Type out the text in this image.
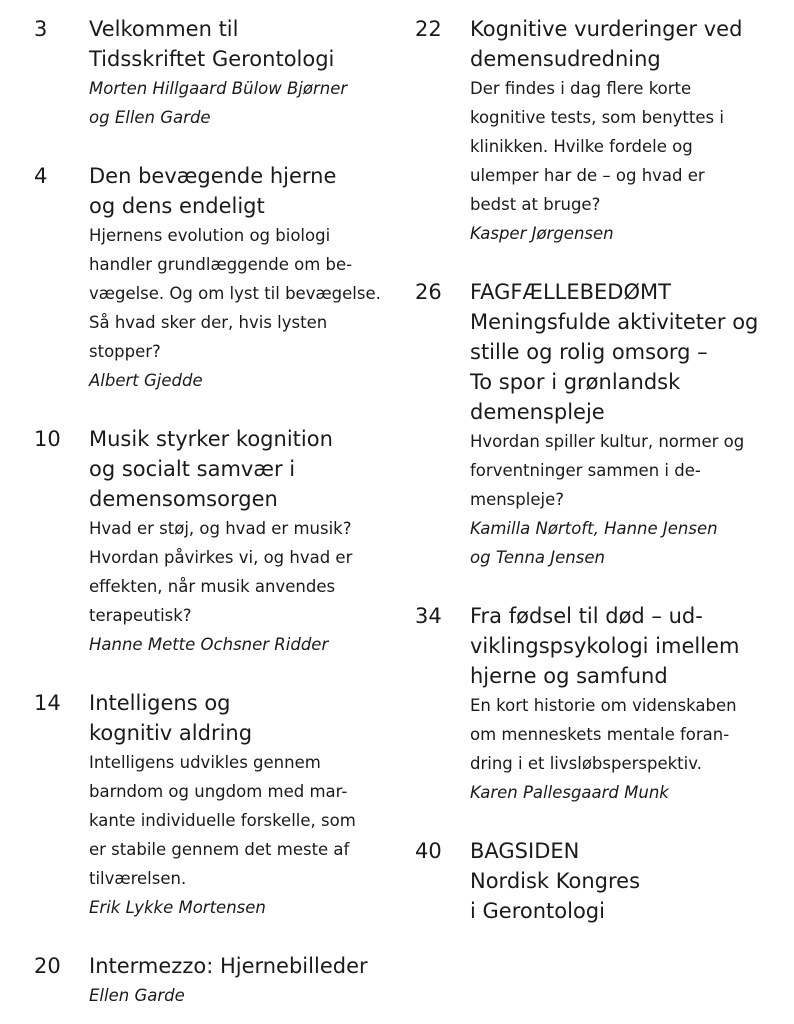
3 Velkommen til
Tidsskriftet Gerontologi
Morten Hillgaard Bülow Bjørner
og Ellen Garde
4 Den bevægende hjerne
og dens endeligt
Hjernens evolution og biologi
handler grundlæggende om be-
vægelse. Og om lyst til bevægelse.
Så hvad sker der, hvis lysten
stopper?
Albert Gjedde
10 Musik styrker kognition
og socialt samvær i
demensomsorgen
Hvad er støj, og hvad er musik?
Hvordan påvirkes vi, og hvad er
effekten, når musik anvendes
terapeutisk?
Hanne Mette Ochsner Ridder
14 Intelligens og
kognitiv aldring
Intelligens udvikles gennem
barndom og ungdom med mar-
kante individuelle forskelle, som
er stabile gennem det meste af
tilværelsen.
Erik Lykke Mortensen
20 Intermezzo: Hjernebilleder
Ellen Garde
22 Kognitive vurderinger ved
demensudredning
Der findes i dag flere korte
kognitive tests, som benyttes i
klinikken. Hvilke fordele og
ulemper har de – og hvad er
bedst at bruge?
Kasper Jørgensen
26 FAGFÆLLEBEDØMT
Meningsfulde aktiviteter og
stille og rolig omsorg –
To spor i grønlandsk
demenspleje
Hvordan spiller kultur, normer og
forventninger sammen i de-
menspleje?
Kamilla Nørtoft, Hanne Jensen
og Tenna Jensen
34 Fra fødsel til død – ud-
viklingspsykologi imellem
hjerne og samfund
En kort historie om videnskaben
om menneskets mentale foran-
dring i et livsløbsperspektiv.
Karen Pallesgaard Munk
40 BAGSIDEN
Nordisk Kongres
i Gerontologi
